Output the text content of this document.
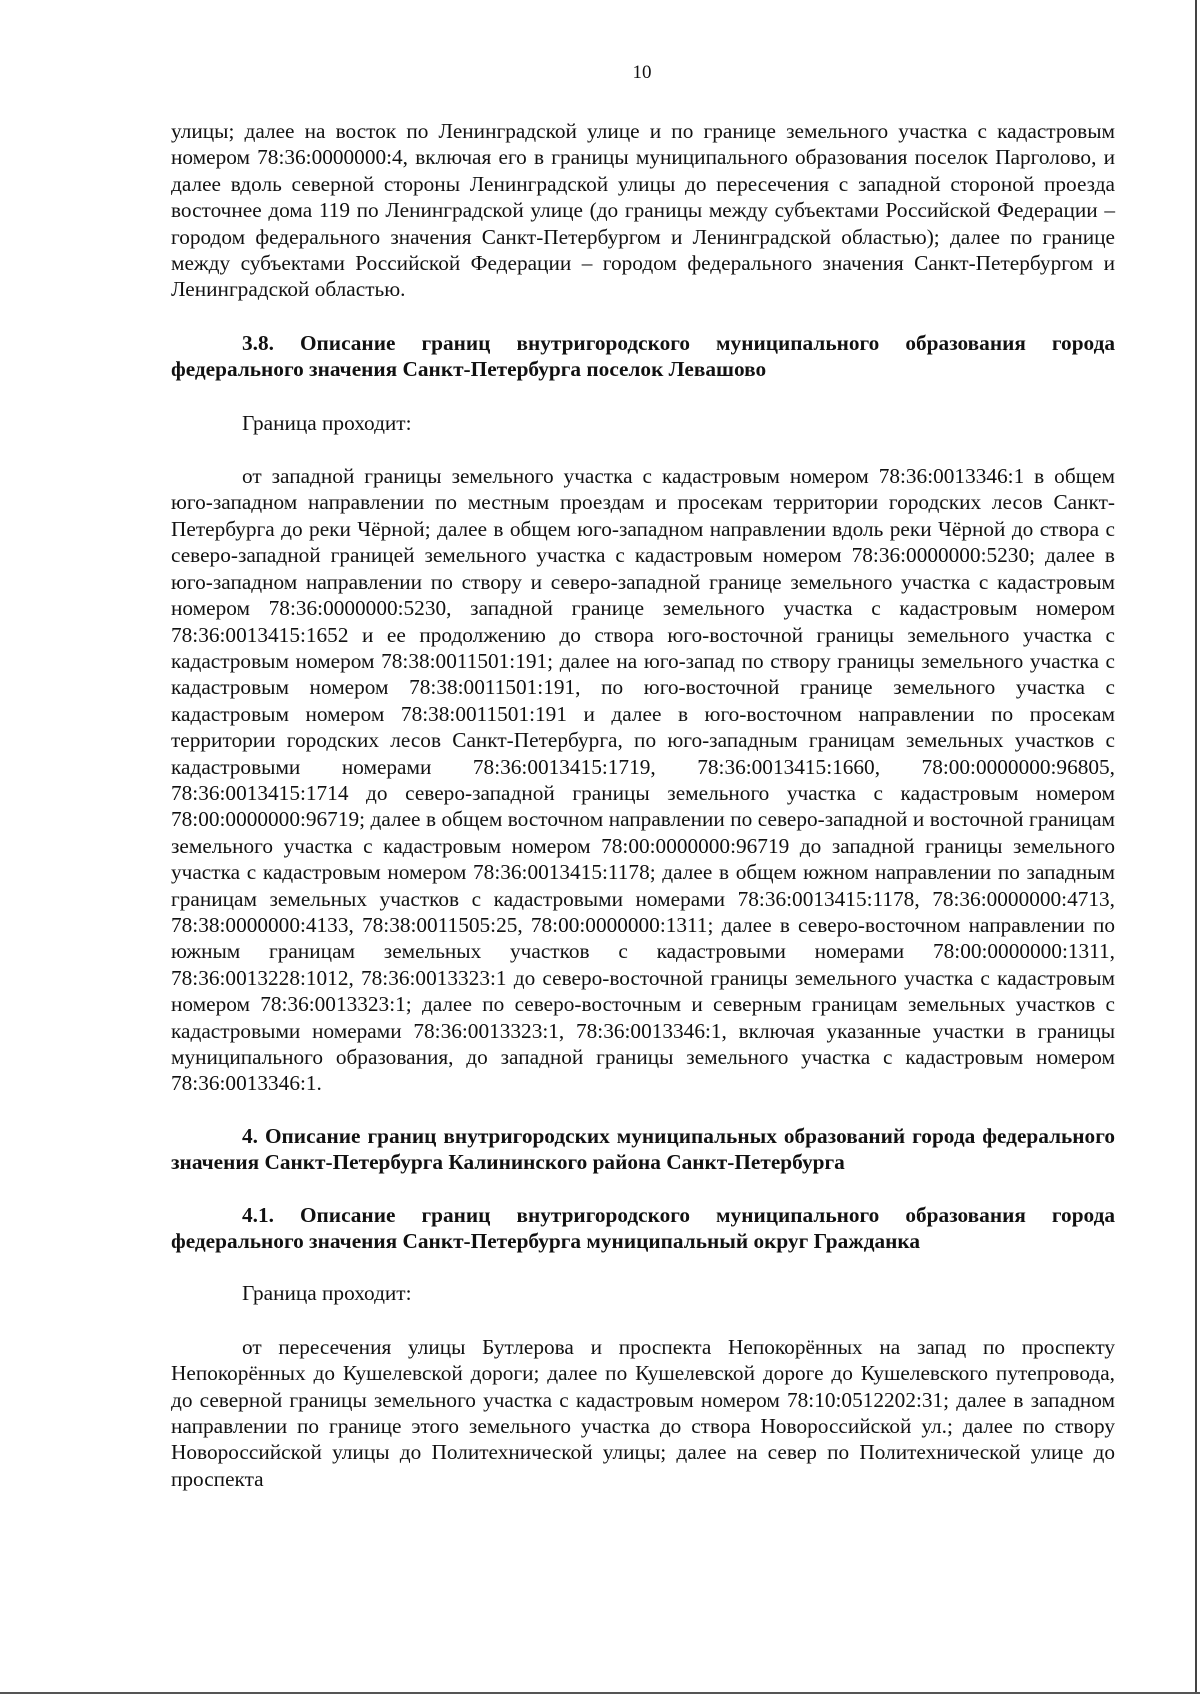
10

улицы; далее на восток по Ленинградской улице и по границе земельного участка с кадастровым номером 78:36:0000000:4, включая его в границы муниципального образования поселок Парголово, и далее вдоль северной стороны Ленинградской улицы до пересечения с западной стороной проезда восточнее дома 119 по Ленинградской улице (до границы между субъектами Российской Федерации – городом федерального значения Санкт-Петербургом и Ленинградской областью); далее по границе между субъектами Российской Федерации – городом федерального значения Санкт-Петербургом и Ленинградской областью.

3.8. Описание границ внутригородского муниципального образования города федерального значения Санкт-Петербурга поселок Левашово

Граница проходит:

от западной границы земельного участка с кадастровым номером 78:36:0013346:1 в общем юго-западном направлении по местным проездам и просекам территории городских лесов Санкт-Петербурга до реки Чёрной; далее в общем юго-западном направлении вдоль реки Чёрной до створа с северо-западной границей земельного участка с кадастровым номером 78:36:0000000:5230; далее в юго-западном направлении по створу и северо-западной границе земельного участка с кадастровым номером 78:36:0000000:5230, западной границе земельного участка с кадастровым номером 78:36:0013415:1652 и ее продолжению до створа юго-восточной границы земельного участка с кадастровым номером 78:38:0011501:191; далее на юго-запад по створу границы земельного участка с кадастровым номером 78:38:0011501:191, по юго-восточной границе земельного участка с кадастровым номером 78:38:0011501:191 и далее в юго-восточном направлении по просекам территории городских лесов Санкт-Петербурга, по юго-западным границам земельных участков с кадастровыми номерами 78:36:0013415:1719, 78:36:0013415:1660, 78:00:0000000:96805, 78:36:0013415:1714 до северо-западной границы земельного участка с кадастровым номером 78:00:0000000:96719; далее в общем восточном направлении по северо-западной и восточной границам земельного участка с кадастровым номером 78:00:0000000:96719 до западной границы земельного участка с кадастровым номером 78:36:0013415:1178; далее в общем южном направлении по западным границам земельных участков с кадастровыми номерами 78:36:0013415:1178, 78:36:0000000:4713, 78:38:0000000:4133, 78:38:0011505:25, 78:00:0000000:1311; далее в северо-восточном направлении по южным границам земельных участков с кадастровыми номерами 78:00:0000000:1311, 78:36:0013228:1012, 78:36:0013323:1 до северо-восточной границы земельного участка с кадастровым номером 78:36:0013323:1; далее по северо-восточным и северным границам земельных участков с кадастровыми номерами 78:36:0013323:1, 78:36:0013346:1, включая указанные участки в границы муниципального образования, до западной границы земельного участка с кадастровым номером 78:36:0013346:1.

4. Описание границ внутригородских муниципальных образований города федерального значения Санкт-Петербурга Калининского района Санкт-Петербурга

4.1. Описание границ внутригородского муниципального образования города федерального значения Санкт-Петербурга муниципальный округ Гражданка

Граница проходит:

от пересечения улицы Бутлерова и проспекта Непокорённых на запад по проспекту Непокорённых до Кушелевской дороги; далее по Кушелевской дороге до Кушелевского путепровода, до северной границы земельного участка с кадастровым номером 78:10:0512202:31; далее в западном направлении по границе этого земельного участка до створа Новороссийской ул.; далее по створу Новороссийской улицы до Политехнической улицы; далее на север по Политехнической улице до проспекта
